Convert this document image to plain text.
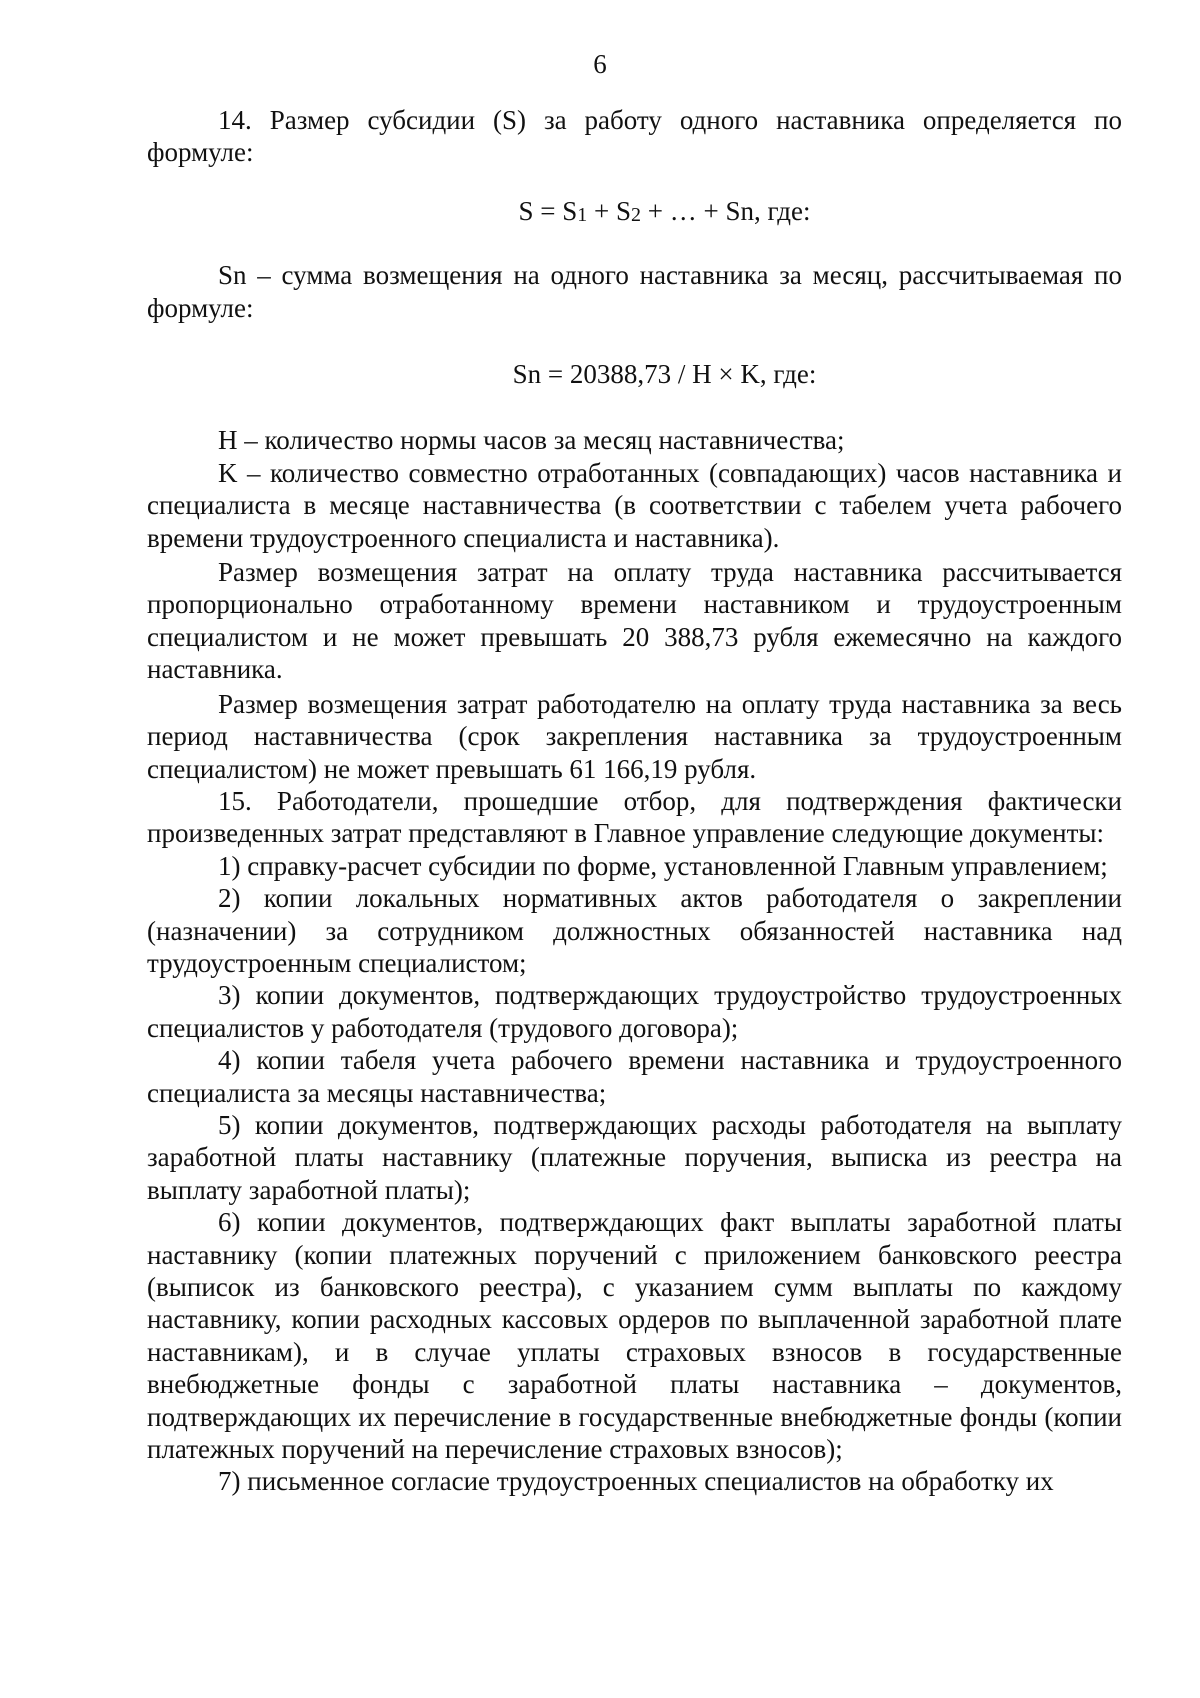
6

14. Размер субсидии (S) за работу одного наставника определяется по формуле:

$S = S_1 + S_2$ + … + Sn, где:

Sn – сумма возмещения на одного наставника за месяц, рассчитываемая по формуле:

Sn = 20388,73 / H × K, где:

H – количество нормы часов за месяц наставничества;

K – количество совместно отработанных (совпадающих) часов наставника и специалиста в месяце наставничества (в соответствии с табелем учета рабочего времени трудоустроенного специалиста и наставника).

Размер возмещения затрат на оплату труда наставника рассчитывается пропорционально отработанному времени наставником и трудоустроенным специалистом и не может превышать 20 388,73 рубля ежемесячно на каждого наставника.

Размер возмещения затрат работодателю на оплату труда наставника за весь период наставничества (срок закрепления наставника за трудоустроенным специалистом) не может превышать 61 166,19 рубля.

15. Работодатели, прошедшие отбор, для подтверждения фактически произведенных затрат представляют в Главное управление следующие документы:

1) справку-расчет субсидии по форме, установленной Главным управлением;

2) копии локальных нормативных актов работодателя о закреплении (назначении) за сотрудником должностных обязанностей наставника над трудоустроенным специалистом;

3) копии документов, подтверждающих трудоустройство трудоустроенных специалистов у работодателя (трудового договора);

4) копии табеля учета рабочего времени наставника и трудоустроенного специалиста за месяцы наставничества;

5) копии документов, подтверждающих расходы работодателя на выплату заработной платы наставнику (платежные поручения, выписка из реестра на выплату заработной платы);

6) копии документов, подтверждающих факт выплаты заработной платы наставнику (копии платежных поручений с приложением банковского реестра (выписок из банковского реестра), с указанием сумм выплаты по каждому наставнику, копии расходных кассовых ордеров по выплаченной заработной плате наставникам), и в случае уплаты страховых взносов в государственные внебюджетные фонды с заработной платы наставника – документов, подтверждающих их перечисление в государственные внебюджетные фонды (копии платежных поручений на перечисление страховых взносов);

7) письменное согласие трудоустроенных специалистов на обработку их
